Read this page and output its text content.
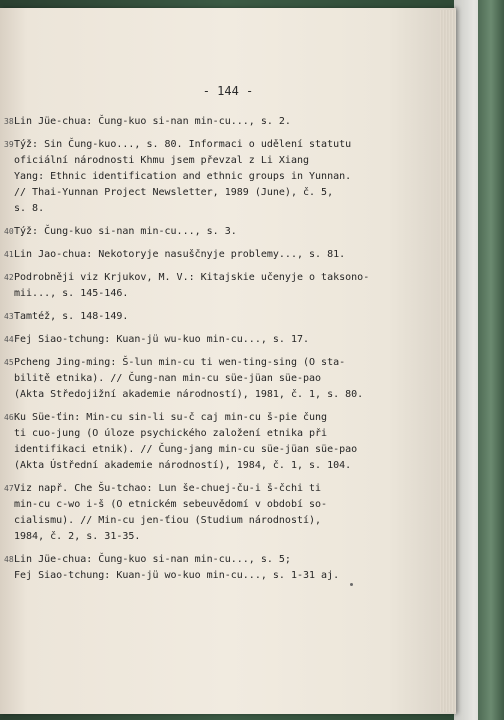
- 144 -
38 Lin Jüe-chua: Čung-kuo si-nan min-cu..., s. 2.
39 Týž: Sin Čung-kuo..., s. 80. Informaci o udělení statutu
oficiální národnosti Khmu jsem převzal z Li Xiang
Yang: Ethnic identification and ethnic groups in Yunnan.
// Thai-Yunnan Project Newsletter, 1989 (June), č. 5,
s. 8.
40 Týž: Čung-kuo si-nan min-cu..., s. 3.
41 Lin Jao-chua: Nekotoryje nasuščnyje problemy..., s. 81.
42 Podrobněji viz Krjukov, M. V.: Kitajskie učenyje o taksono-
mii..., s. 145-146.
43 Tamtéž, s. 148-149.
44 Fej Siao-tchung: Kuan-jü wu-kuo min-cu..., s. 17.
45 Pcheng Jing-ming: Š-lun min-cu ti wen-ting-sing (O sta-
bilitě etnika). // Čung-nan min-cu süe-jüan süe-pao
(Akta Středojižní akademie národností), 1981, č. 1, s. 80.
46 Ku Süe-ťin: Min-cu sin-li su-č caj min-cu š-pie čung
ti cuo-jung (O úloze psychického založení etnika při
identifikaci etnik). // Čung-jang min-cu süe-jüan süe-pao
(Akta Ústřední akademie národností), 1984, č. 1, s. 104.
47 Viz např. Che Šu-tchao: Lun še-chuej-ču-i š-čchi ti
min-cu c-wo i-š (O etnickém sebeuvědomí v období so-
cialismu). // Min-cu jen-ťiou (Studium národností),
1984, č. 2, s. 31-35.
48 Lin Jüe-chua: Čung-kuo si-nan min-cu..., s. 5;
Fej Siao-tchung: Kuan-jü wo-kuo min-cu..., s. 1-31 aj.
